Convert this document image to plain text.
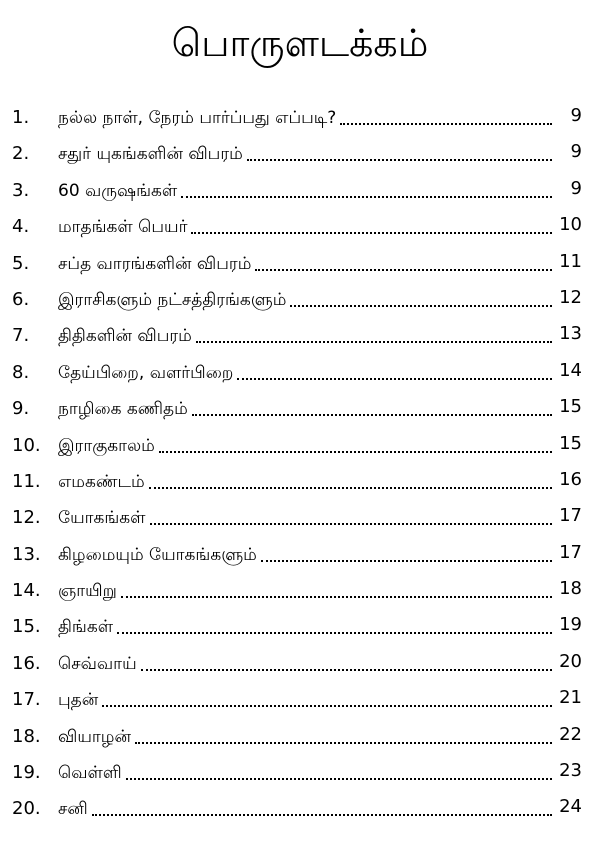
பொருளடக்கம்
1.	நல்ல நாள், நேரம் பார்ப்பது எப்படி?	9
2.	சதுர் யுகங்களின் விபரம்	9
3.	60 வருஷங்கள்	9
4.	மாதங்கள் பெயர்	10
5.	சப்த வாரங்களின் விபரம்	11
6.	இராசிகளும் நட்சத்திரங்களும்	12
7.	திதிகளின் விபரம்	13
8.	தேய்பிறை, வளர்பிறை	14
9.	நாழிகை கணிதம்	15
10.	இராகுகாலம்	15
11.	எமகண்டம்	16
12.	யோகங்கள்	17
13.	கிழமையும் யோகங்களும்	17
14.	ஞாயிறு	18
15.	திங்கள்	19
16.	செவ்வாய்	20
17.	புதன்	21
18.	வியாழன்	22
19.	வெள்ளி	23
20.	சனி	24
